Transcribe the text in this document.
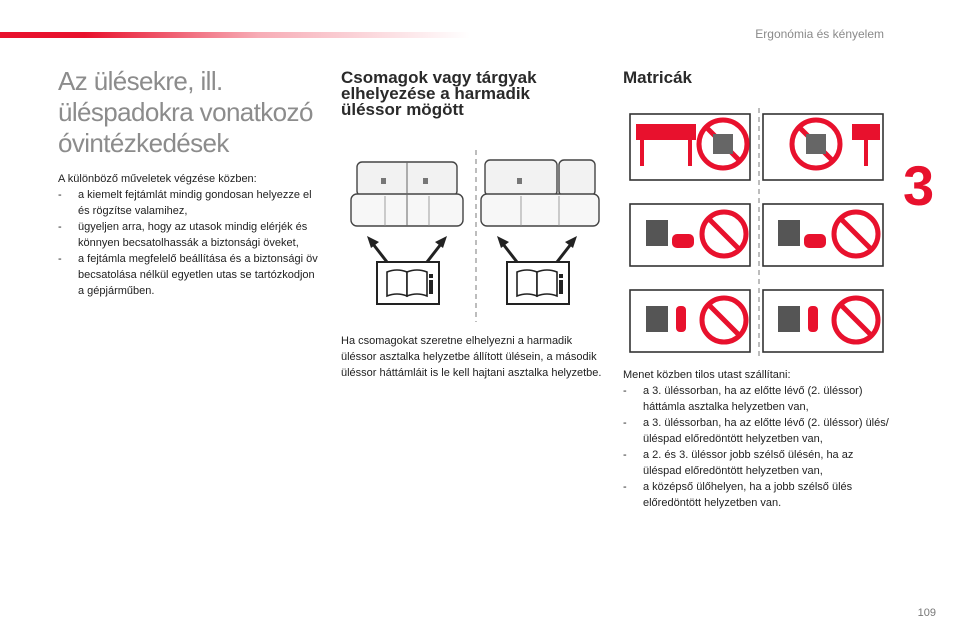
Ergonómia és kényelem
3
109
Az ülésekre, ill. üléspadokra vonatkozó óvintézkedések

A különböző műveletek végzése közben:

- a kiemelt fejtámlát mindig gondosan helyezze el és rögzítse valamihez,
- ügyeljen arra, hogy az utasok mindig elérjék és könnyen becsatolhassák a biztonsági öveket,
- a fejtámla megfelelő beállítása és a biztonsági öv becsatolása nélkül egyetlen utas se tartózkodjon a gépjárműben.
Csomagok vagy tárgyak elhelyezése a harmadik üléssor mögött
Ha csomagokat szeretne elhelyezni a harmadik üléssor asztalka helyzetbe állított ülésein, a második üléssor háttámláit is le kell hajtani asztalka helyzetbe.
Matricák

Menet közben tilos utast szállítani:

- a 3. üléssorban, ha az előtte lévő (2. üléssor) háttámla asztalka helyzetben van,
- a 3. üléssorban, ha az előtte lévő (2. üléssor) ülés/üléspad előredöntött helyzetben van,
- a 2. és 3. üléssor jobb szélső ülésén, ha az üléspad előredöntött helyzetben van,
- a középső ülőhelyen, ha a jobb szélső ülés előredöntött helyzetben van.
